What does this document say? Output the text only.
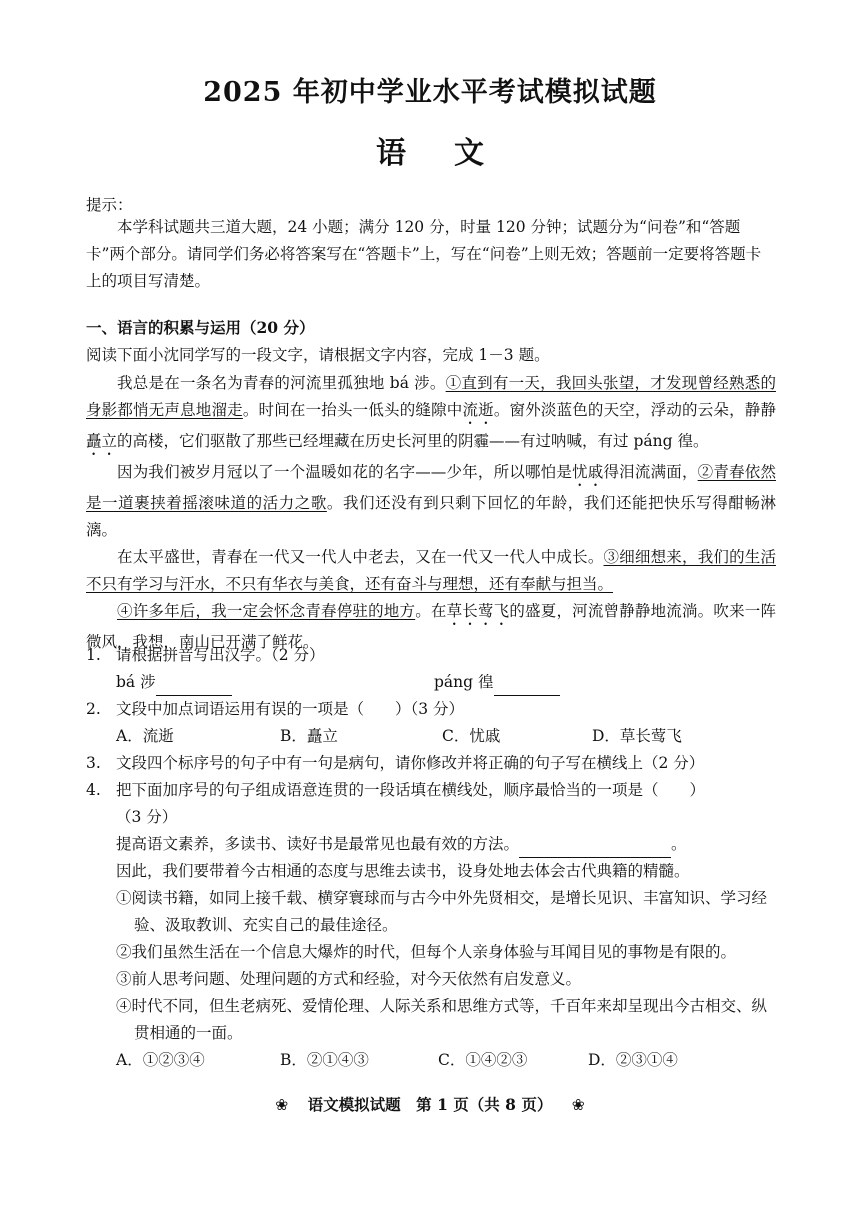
2025 年初中学业水平考试模拟试题
语文
提示：
本学科试题共三道大题，24 小题；满分 120 分，时量 120 分钟；试题分为“问卷”和“答题卡”两个部分。请同学们务必将答案写在“答题卡”上，写在“问卷”上则无效；答题前一定要将答题卡上的项目写清楚。
一、语言的积累与运用（20 分）
阅读下面小沈同学写的一段文字，请根据文字内容，完成 1－3 题。

我总是在一条名为青春的河流里孤独地 bá 涉。①直到有一天，我回头张望，才发现曾经熟悉的身影都悄无声息地溜走。时间在一抬头一低头的缝隙中流逝。窗外淡蓝色的天空，浮动的云朵，静静矗立的高楼，它们驱散了那些已经埋藏在历史长河里的阴霾——有过呐喊，有过 páng 徨。

因为我们被岁月冠以了一个温暖如花的名字——少年，所以哪怕是忧戚得泪流满面，②青春依然是一道裹挟着摇滚味道的活力之歌。我们还没有到只剩下回忆的年龄，我们还能把快乐写得酣畅淋漓。

在太平盛世，青春在一代又一代人中老去，又在一代又一代人中成长。③细细想来，我们的生活不只有学习与汗水，不只有华衣与美食，还有奋斗与理想，还有奉献与担当。

④许多年后，我一定会怀念青春停驻的地方。在草长莺飞的盛夏，河流曾静静地流淌。吹来一阵微风，我想，南山已开满了鲜花。

1. 请根据拼音写出汉字。（2 分）
bá 涉	páng 徨
2. 文段中加点词语运用有误的一项是（　　）（3 分）
A．流逝	B．矗立	C．忧戚	D．草长莺飞
3. 文段四个标序号的句子中有一句是病句，请你修改并将正确的句子写在横线上（2 分）
4. 把下面加序号的句子组成语意连贯的一段话填在横线处，顺序最恰当的一项是（　　）
（3 分）
提高语文素养，多读书、读好书是最常见也最有效的方法。	。
因此，我们要带着今古相通的态度与思维去读书，设身处地去体会古代典籍的精髓。
①阅读书籍，如同上接千载、横穿寰球而与古今中外先贤相交，是增长见识、丰富知识、学习经验、汲取教训、充实自己的最佳途径。
②我们虽然生活在一个信息大爆炸的时代，但每个人亲身体验与耳闻目见的事物是有限的。
③前人思考问题、处理问题的方式和经验，对今天依然有启发意义。
④时代不同，但生老病死、爱情伦理、人际关系和思维方式等，千百年来却呈现出今古相交、纵贯相通的一面。
A．①②③④	B．②①④③	C．①④②③	D．②③①④
❀ 语文模拟试题　第 1 页（共 8 页） ❀
